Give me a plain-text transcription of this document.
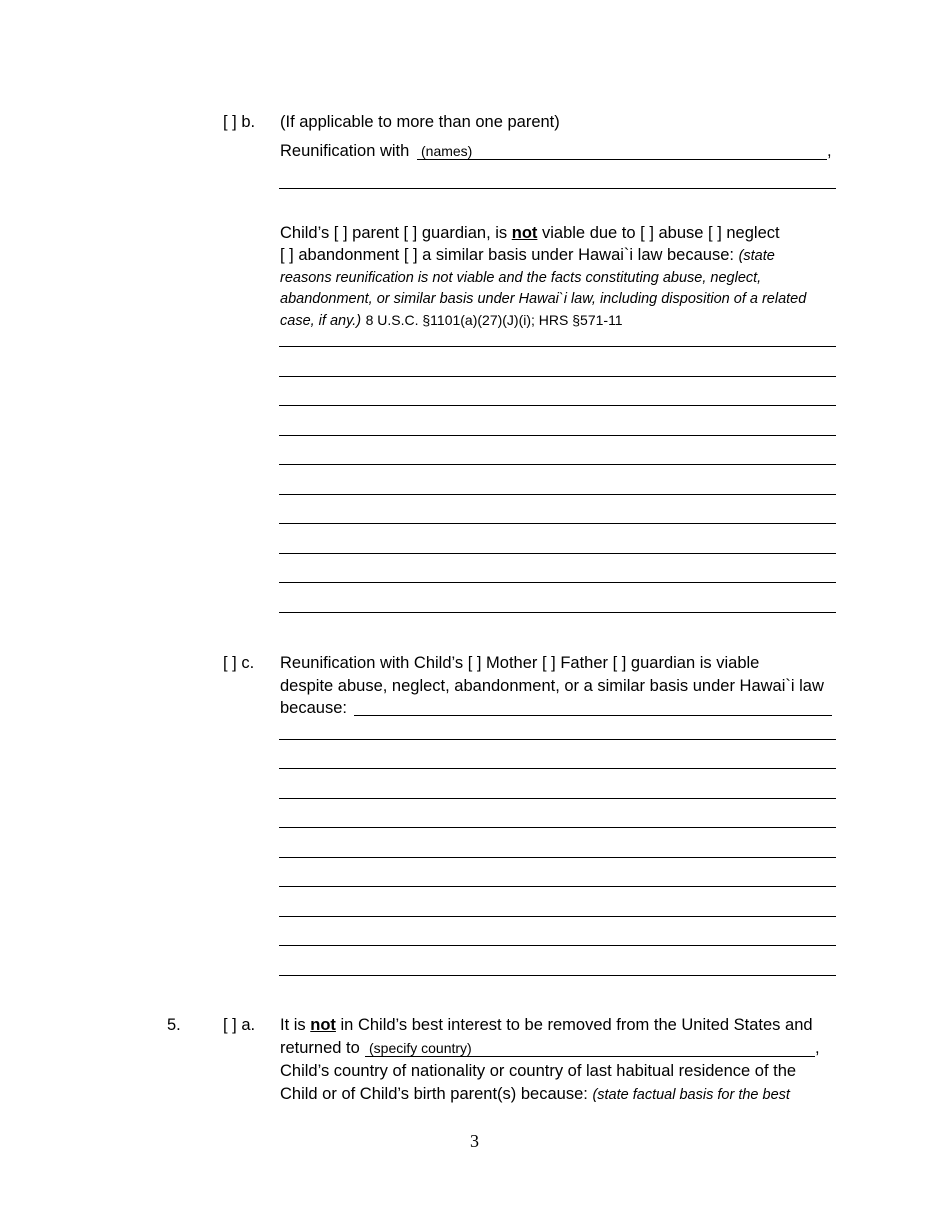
[ ] b. (If applicable to more than one parent)
Reunification with (names)	,
Child’s [ ] parent [ ] guardian, is not viable due to [ ] abuse [ ] neglect
[ ] abandonment [ ] a similar basis under Hawai`i law because: (state
reasons reunification is not viable and the facts constituting abuse, neglect,
abandonment, or similar basis under Hawai`i law, including disposition of a related
case, if any.) 8 U.S.C. §1101(a)(27)(J)(i); HRS §571-11
[ ] c. Reunification with Child’s [ ] Mother [ ] Father [ ] guardian is viable
despite abuse, neglect, abandonment, or a similar basis under Hawai`i law
because:
5.	[ ] a. It is not in Child’s best interest to be removed from the United States and
returned to (specify country)	,
Child’s country of nationality or country of last habitual residence of the
Child or of Child’s birth parent(s) because: (state factual basis for the best
3
